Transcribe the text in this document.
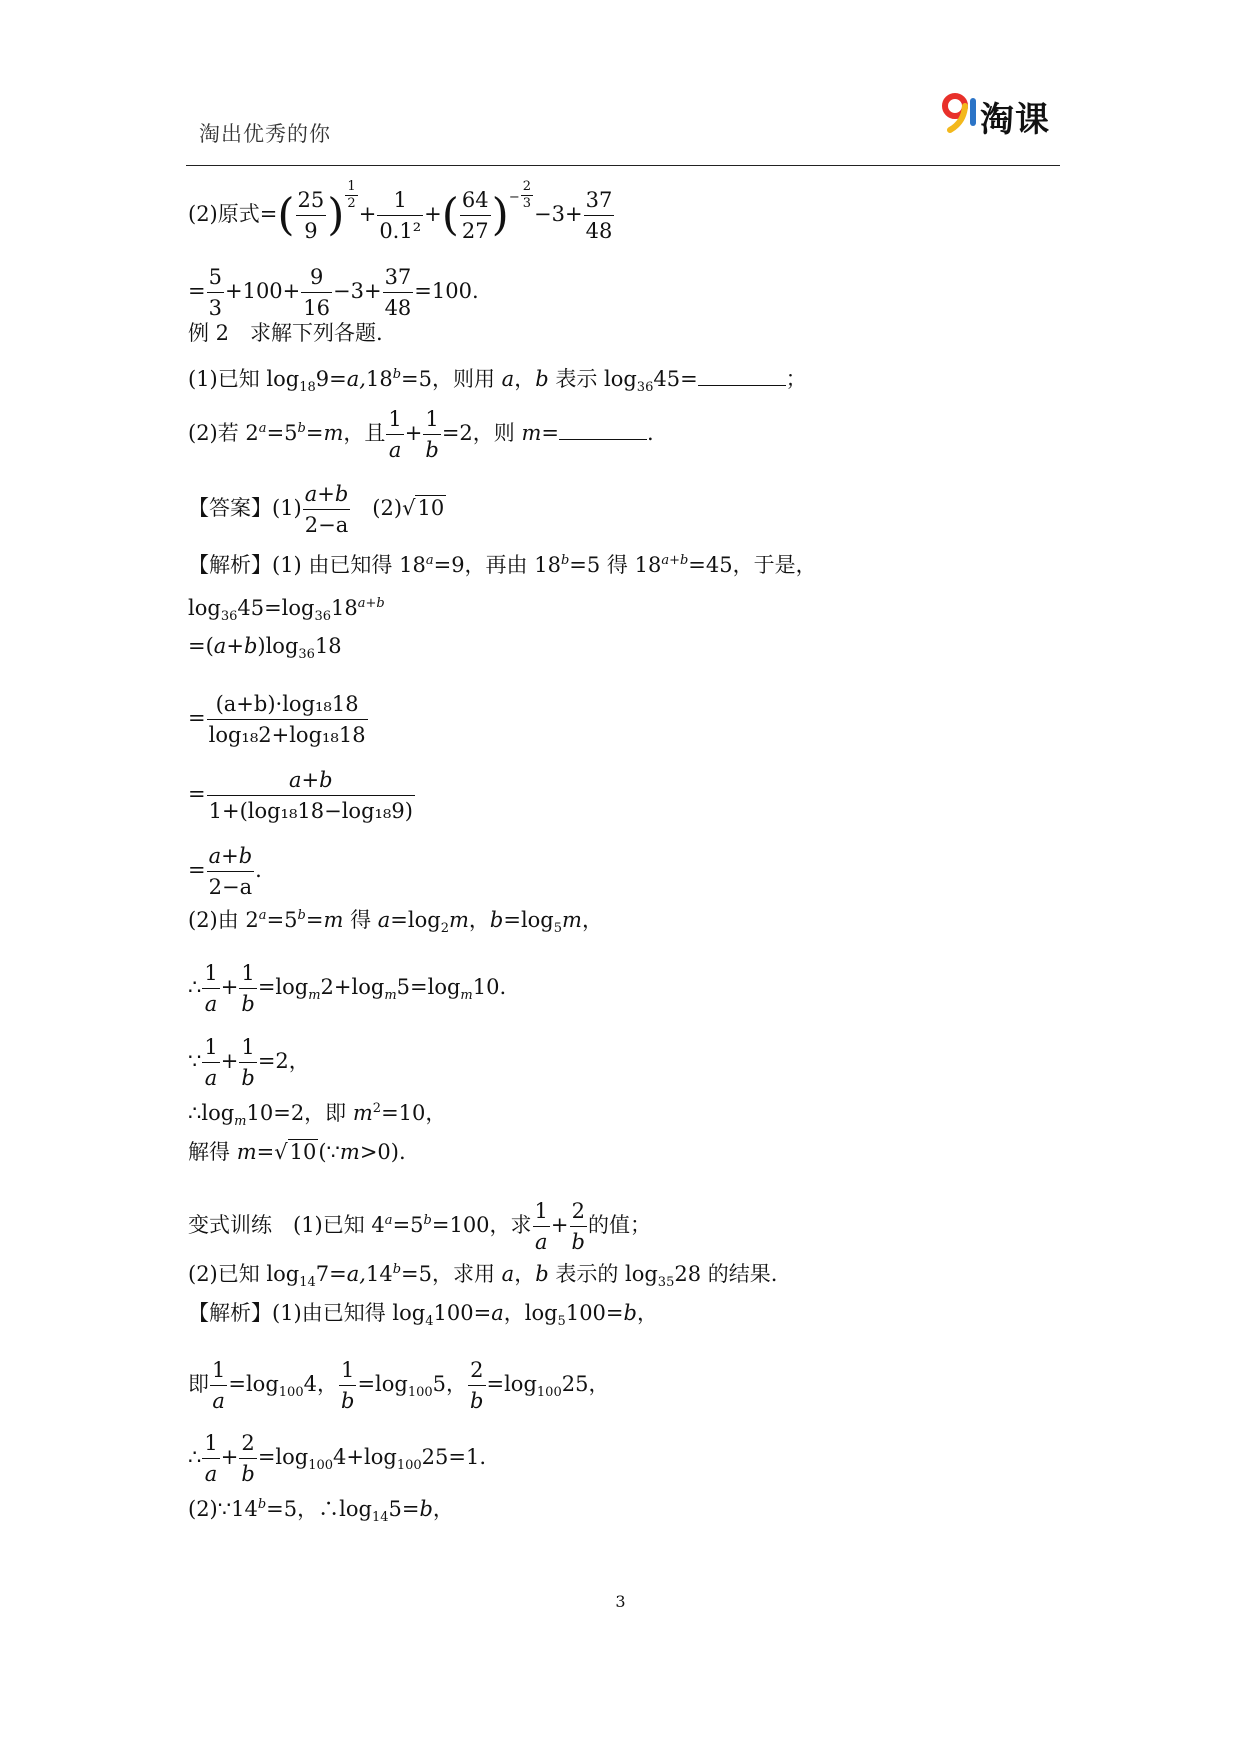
淘出优秀的你	淘课
(2)原式=( $\frac{25}{9}$ ) $\frac{1}{2}$
+ $\frac{1}{\text{0.1²}}$ +( $\frac{64}{27} )^- \frac{2}{3}$
$-3+ \frac{37}{48}$
= $\frac{5}{3} +100+ \frac{9}{16} -3+ \frac{37}{48} =100$.
例 2　求解下列各题.
(1)已知 $\log_{18}9=a,18^b=5$，则用 a，b 表示 $\log_{36}45=$	；
(2)若 $2^a=5^b=m$，且 $\frac{1}{a} + \frac{1}{b} =2$，则 m=	.
【答案】$(1) \frac{a+b}{2-a}$ 　(2)√10
【解析】(1) 由已知得 $18^a=9$，再由 $18^b=5$ 得 $18^{a+b}=45$，于是，
$\log_{36}45=\log_{36}18^{a+b}$
$=(a+b)\log_{36}18$
= $\frac{\text{(a+b)·log₁₈18}}{\text{log₁₈2+log₁₈18}}$
= $\frac{a+b}{\text{1+(log₁₈18−log₁₈9)}}$
= $\frac{a+b}{2-a}$ .
(2)由 $2^a=5^b=m$ 得 $a=\log_2m$，$b=\log_5m$，
∴ $\frac{1}{a} + \frac{1}{b} =\log_m2+\log_m5=\log_m10$.
∵ $\frac{1}{a} + \frac{1}{b} =2$，
$\therefore\log_m10=2$，即 $m^2=10$，
解得 m=√10(∵m>0).
变式训练　(1)已知 $4^a=5^b=100$，求 $\frac{1}{a} + \frac{2}{b}$ 的值；
(2)已知 $\log_{14}7=a,14^b=5$，求用 a，b 表示的 $\log_{35}28$ 的结果.
【解析】(1)由已知得 $\log_4100=a$，$\log_5100=b$，
即 $\frac{1}{a} =\log_{100}4$， $\frac{1}{b} =\log_{100}5$， $\frac{2}{b} =\log_{100}25$，
∴ $\frac{1}{a} + \frac{2}{b} =\log_{100}4+\log_{100}25=1$.
$(2)\because 14^b=5$，$\therefore\log_{14}5=b$，
3
